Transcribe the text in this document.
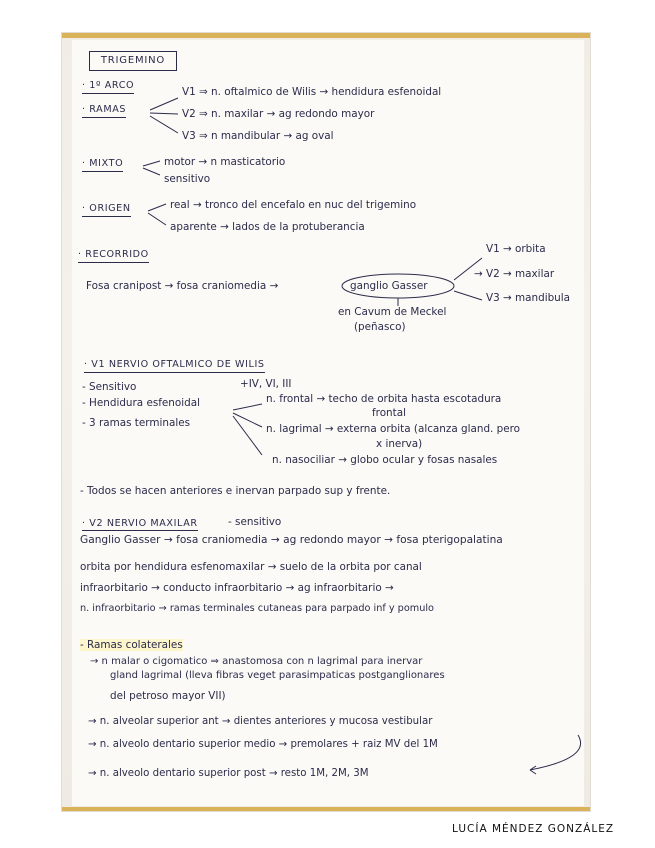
TRIGEMINO
· 1º ARCO
· RAMAS
V1 ⇒ n. oftalmico de Wilis → hendidura esfenoidal
V2 ⇒ n. maxilar → ag redondo mayor
V3 ⇒ n mandibular → ag oval
· MIXTO	motor → n masticatorio
sensitivo
· ORIGEN	real → tronco del encefalo en nuc del trigemino
aparente → lados de la protuberancia
· RECORRIDO	V1 → orbita
Fosa cranipost → fosa craniomedia →	ganglio Gasser
→ V2 → maxilar
V3 → mandibula
en Cavum de Meckel
(peñasco)
· V1 NERVIO OFTALMICO DE WILIS
- Sensitivo	+IV, VI, III
- Hendidura esfenoidal	n. frontal → techo de orbita hasta escotadura
frontal
- 3 ramas terminales	n. lagrimal → externa orbita (alcanza gland. pero
x inerva)
n. nasociliar → globo ocular y fosas nasales
- Todos se hacen anteriores e inervan parpado sup y frente.
· V2 NERVIO MAXILAR	- sensitivo
Ganglio Gasser → fosa craniomedia → ag redondo mayor → fosa pterigopalatina
orbita por hendidura esfenomaxilar → suelo de la orbita por canal
infraorbitario → conducto infraorbitario → ag infraorbitario →
n. infraorbitario → ramas terminales cutaneas para parpado inf y pomulo
- Ramas colaterales
→ n malar o cigomatico ⇒ anastomosa con n lagrimal para inervar
gland lagrimal (lleva fibras veget parasimpaticas postganglionares
del petroso mayor VII)
→ n. alveolar superior ant → dientes anteriores y mucosa vestibular
→ n. alveolo dentario superior medio → premolares + raiz MV del 1M
→ n. alveolo dentario superior post → resto 1M, 2M, 3M
LUCÍA MÉNDEZ GONZÁLEZ
